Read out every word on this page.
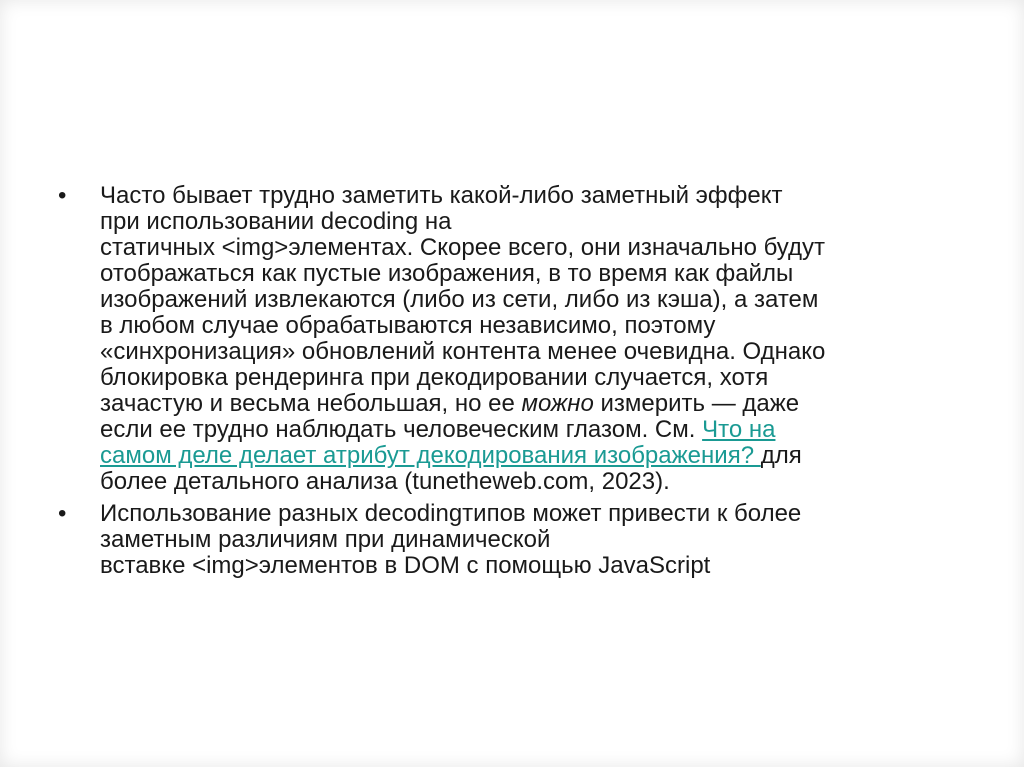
•	Часто бывает трудно заметить какой-либо заметный эффект
при использовании decoding на
статичных <img>элементах. Скорее всего, они изначально будут
отображаться как пустые изображения, в то время как файлы
изображений извлекаются (либо из сети, либо из кэша), а затем
в любом случае обрабатываются независимо, поэтому
«синхронизация» обновлений контента менее очевидна. Однако
блокировка рендеринга при декодировании случается, хотя
зачастую и весьма небольшая, но ее можно измерить — даже
если ее трудно наблюдать человеческим глазом. См. Что на
самом деле делает атрибут декодирования изображения? для
более детального анализа (tunetheweb.com, 2023).
•	Использование разных decodingтипов может привести к более
заметным различиям при динамической
вставке <img>элементов в DOM с помощью JavaScript
